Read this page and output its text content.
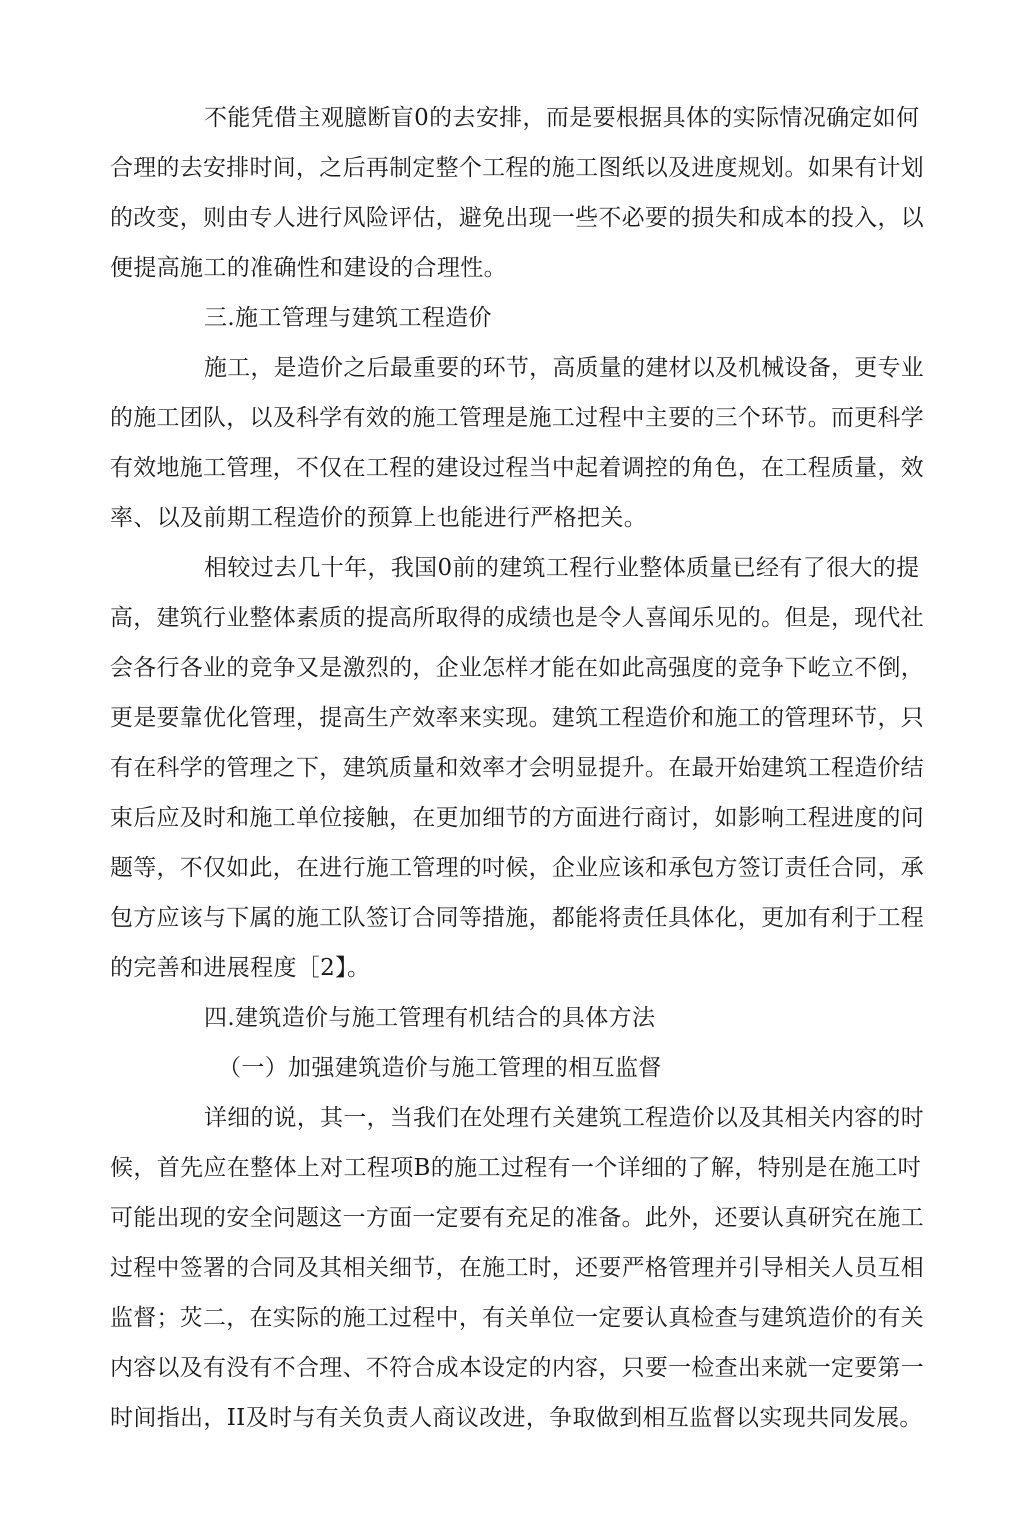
不能凭借主观臆断盲0的去安排，而是要根据具体的实际情况确定如何
合理的去安排时间，之后再制定整个工程的施工图纸以及进度规划。如果有计划
的改变，则由专人进行风险评估，避免出现一些不必要的损失和成本的投入，以
便提高施工的准确性和建设的合理性。
三.施工管理与建筑工程造价
施工，是造价之后最重要的环节，高质量的建材以及机械设备，更专业
的施工团队，以及科学有效的施工管理是施工过程中主要的三个环节。而更科学
有效地施工管理，不仅在工程的建设过程当中起着调控的角色，在工程质量，效
率、以及前期工程造价的预算上也能进行严格把关。
相较过去几十年，我国0前的建筑工程行业整体质量已经有了很大的提
高，建筑行业整体素质的提高所取得的成绩也是令人喜闻乐见的。但是，现代社
会各行各业的竞争又是激烈的，企业怎样才能在如此高强度的竞争下屹立不倒，
更是要靠优化管理，提高生产效率来实现。建筑工程造价和施工的管理环节，只
有在科学的管理之下，建筑质量和效率才会明显提升。在最开始建筑工程造价结
束后应及时和施工单位接触，在更加细节的方面进行商讨，如影响工程进度的问
题等，不仅如此，在进行施工管理的吋候，企业应该和承包方签订责任合同，承
包方应该与下属的施工队签订合同等措施，都能将责任具体化，更加有利于工程
的完善和进展程度［2】。
四.建筑造价与施工管理有机结合的具体方法
（一）加强建筑造价与施工管理的相互监督
详细的说，其一，当我们在处理冇关建筑工程造价以及其相关内容的时
候，首先应在整体上对工程项B的施工过程有一个详细的了解，特别是在施工吋
可能出现的安全问题这一方面一定要有充足的准备。此外，还要认真研究在施工
过程中签署的合同及其相关细节，在施工时，还要严格管理并引导相关人员互相
监督；苂二，在实际的施工过程中，有关单位一定要认真检查与建筑造价的有关
内容以及有没有不合理、不符合成本设定的内容，只要一检查出来就一定要第一
时间指出，II及时与有关负责人商议改进，争取做到相互监督以实现共同发展。
